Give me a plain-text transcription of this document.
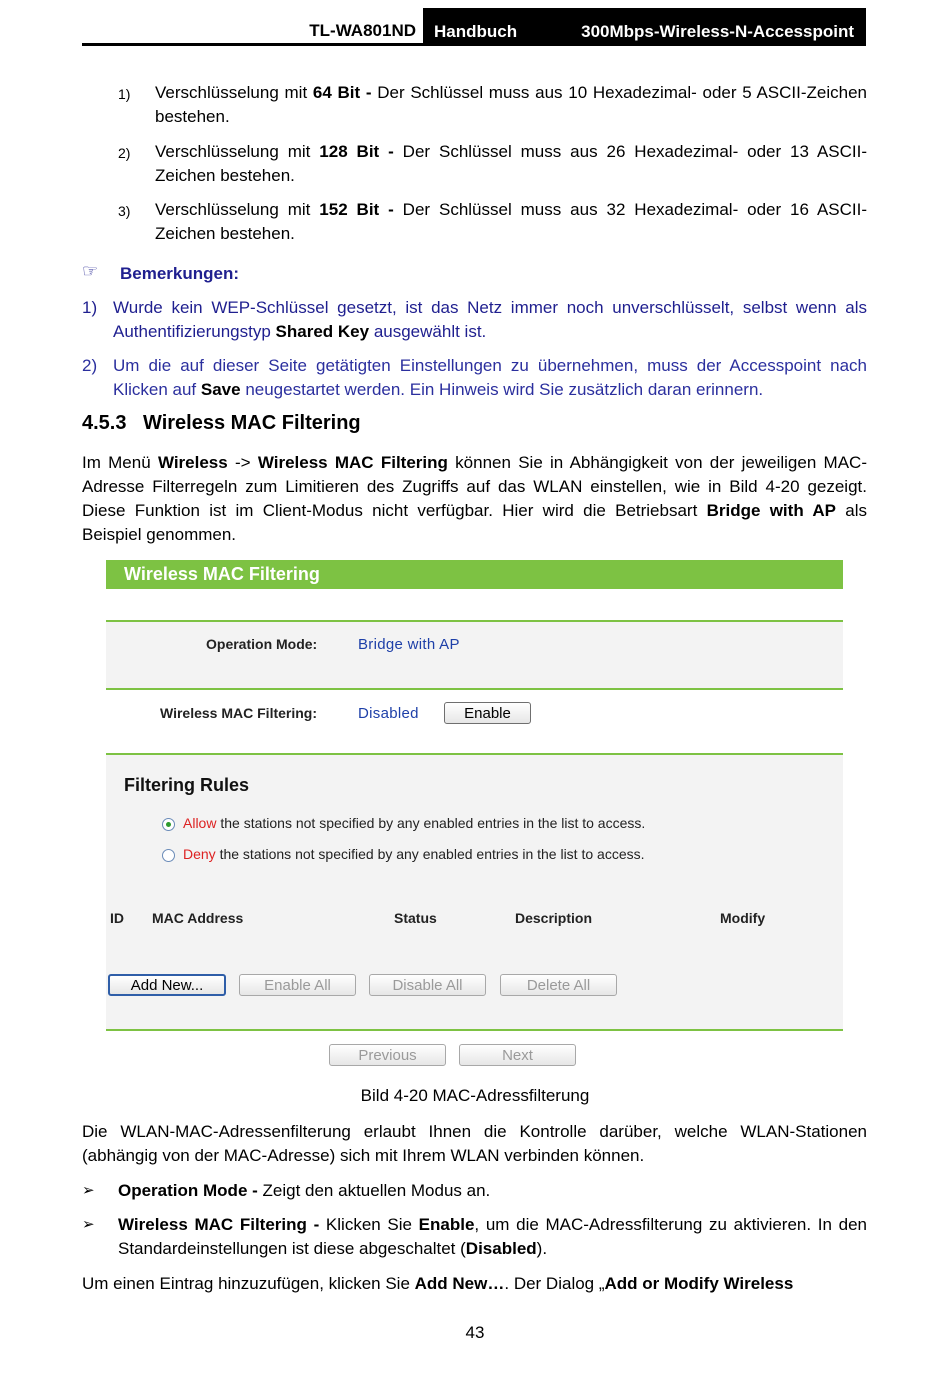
TL-WA801ND Handbuch	300Mbps-Wireless-N-Accesspoint
1) Verschlüsselung mit 64 Bit - Der Schlüssel muss aus 10 Hexadezimal- oder 5 ASCII-Zeichen bestehen.
2) Verschlüsselung mit 128 Bit - Der Schlüssel muss aus 26 Hexadezimal- oder 13 ASCII-Zeichen bestehen.
3) Verschlüsselung mit 152 Bit - Der Schlüssel muss aus 32 Hexadezimal- oder 16 ASCII-Zeichen bestehen.
☞ Bemerkungen:
1) Wurde kein WEP-Schlüssel gesetzt, ist das Netz immer noch unverschlüsselt, selbst wenn als Authentifizierungstyp Shared Key ausgewählt ist.
2) Um die auf dieser Seite getätigten Einstellungen zu übernehmen, muss der Accesspoint nach Klicken auf Save neugestartet werden. Ein Hinweis wird Sie zusätzlich daran erinnern.
4.5.3 Wireless MAC Filtering
Im Menü Wireless -> Wireless MAC Filtering können Sie in Abhängigkeit von der jeweiligen MAC-Adresse Filterregeln zum Limitieren des Zugriffs auf das WLAN einstellen, wie in Bild 4-20 gezeigt. Diese Funktion ist im Client-Modus nicht verfügbar. Hier wird die Betriebsart Bridge with AP als Beispiel genommen.
Wireless MAC Filtering
Operation Mode:	Bridge with AP
Wireless MAC Filtering:	Disabled	Enable
Filtering Rules
Allow the stations not specified by any enabled entries in the list to access.
Deny the stations not specified by any enabled entries in the list to access.
ID MAC Address	Status	Description	Modify
Add New...	Enable All	Disable All	Delete All
Previous	Next
Bild 4-20 MAC-Adressfilterung
Die WLAN-MAC-Adressenfilterung erlaubt Ihnen die Kontrolle darüber, welche WLAN-Stationen (abhängig von der MAC-Adresse) sich mit Ihrem WLAN verbinden können.
➢ Operation Mode - Zeigt den aktuellen Modus an.
➢ Wireless MAC Filtering - Klicken Sie Enable, um die MAC-Adressfilterung zu aktivieren. In den Standardeinstellungen ist diese abgeschaltet (Disabled).
Um einen Eintrag hinzuzufügen, klicken Sie Add New…. Der Dialog „Add or Modify Wireless
43
